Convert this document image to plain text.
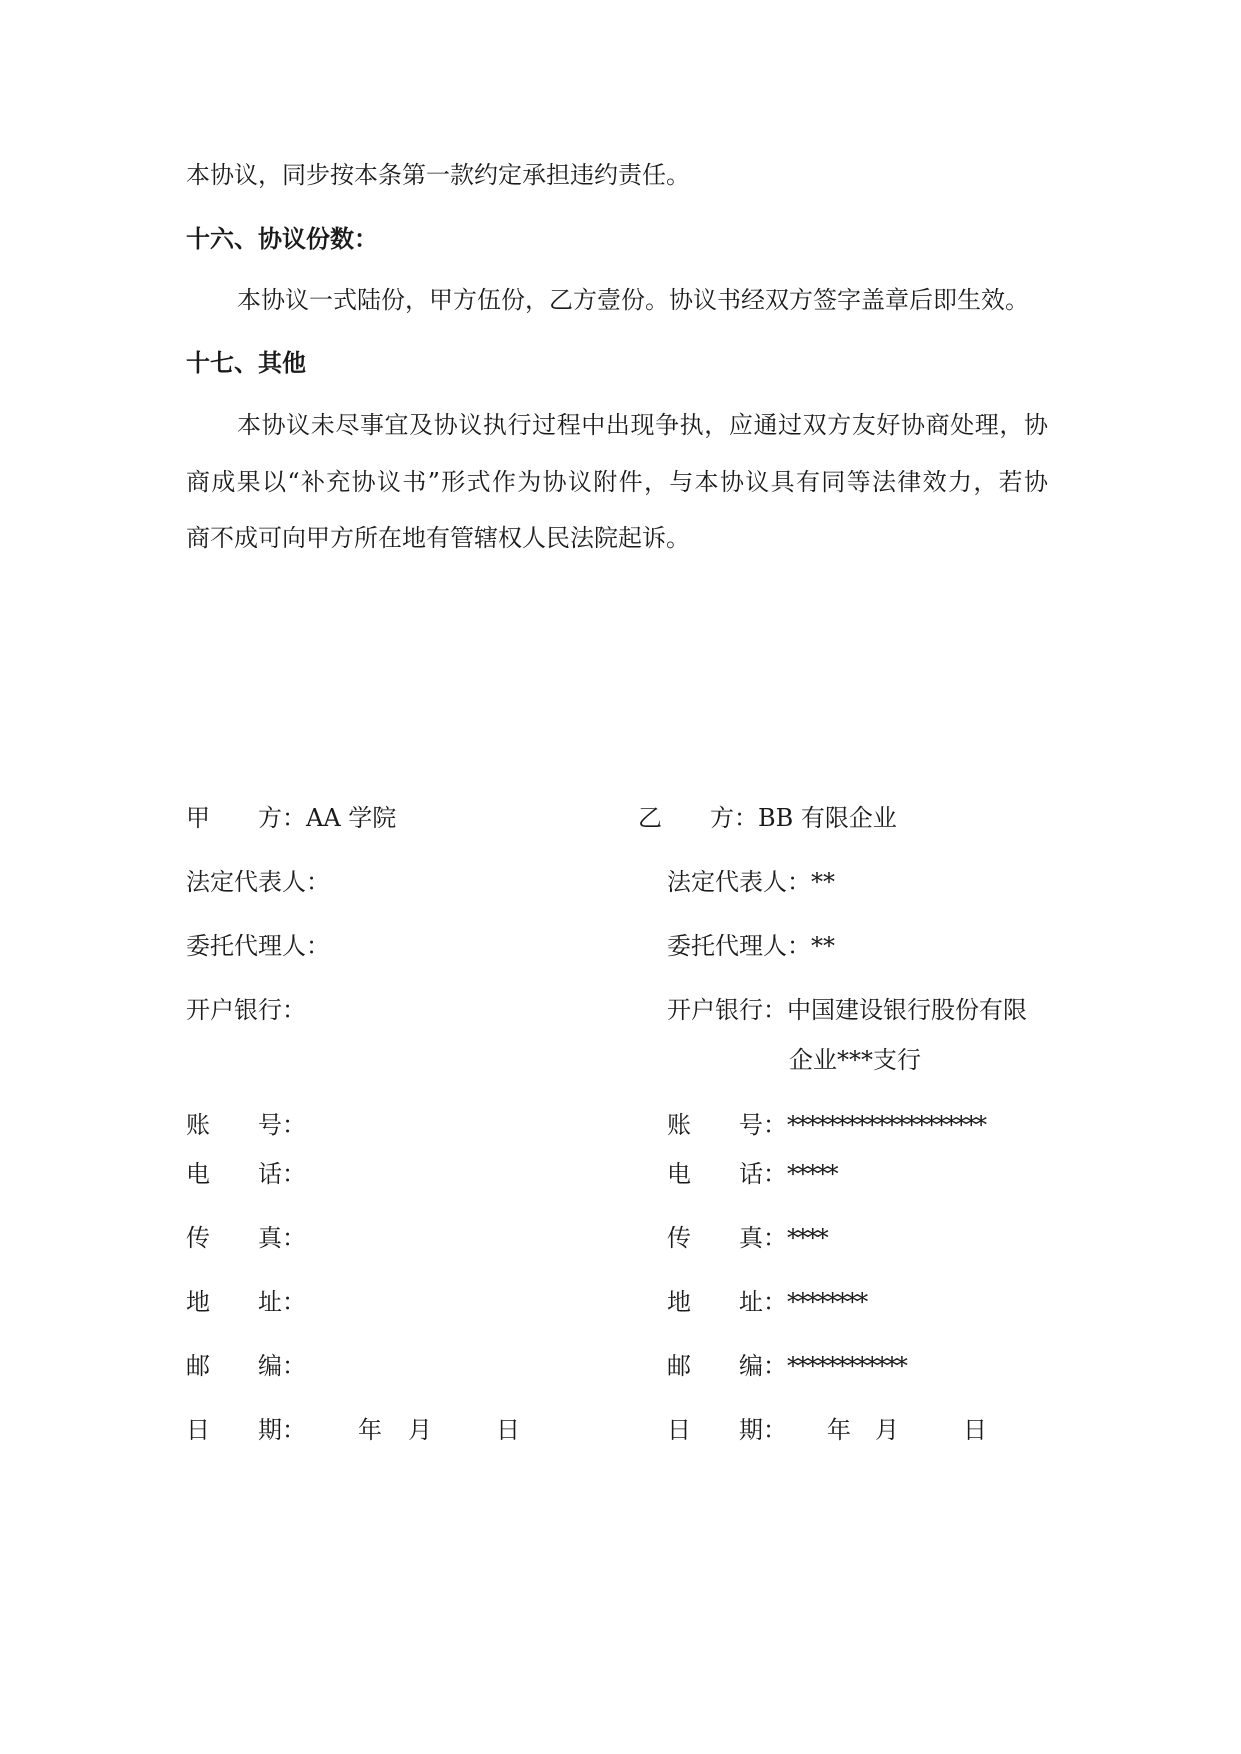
本协议，同步按本条第一款约定承担违约责任。
十六、协议份数：
本协议一式陆份，甲方伍份，乙方壹份。协议书经双方签字盖章后即生效。
十七、其他
本协议未尽事宜及协议执行过程中出现争执，应通过双方友好协商处理，协
商成果以“补充协议书”形式作为协议附件，与本协议具有同等法律效力，若协
商不成可向甲方所在地有管辖权人民法院起诉。
甲　　方：AA 学院
法定代表人：
委托代理人：
开户银行：
账　　号：
电　　话：
传　　真：
地　　址：
邮　　编：
日　　期： 年 月	日
乙　　方：BB 有限企业
法定代表人：**
委托代理人：**
开户银行：中国建设银行股份有限
企业***支行
账　　号：********************
电　　话：*****
传　　真：****
地　　址：********
邮　　编：************
日　　期： 年 月	日
